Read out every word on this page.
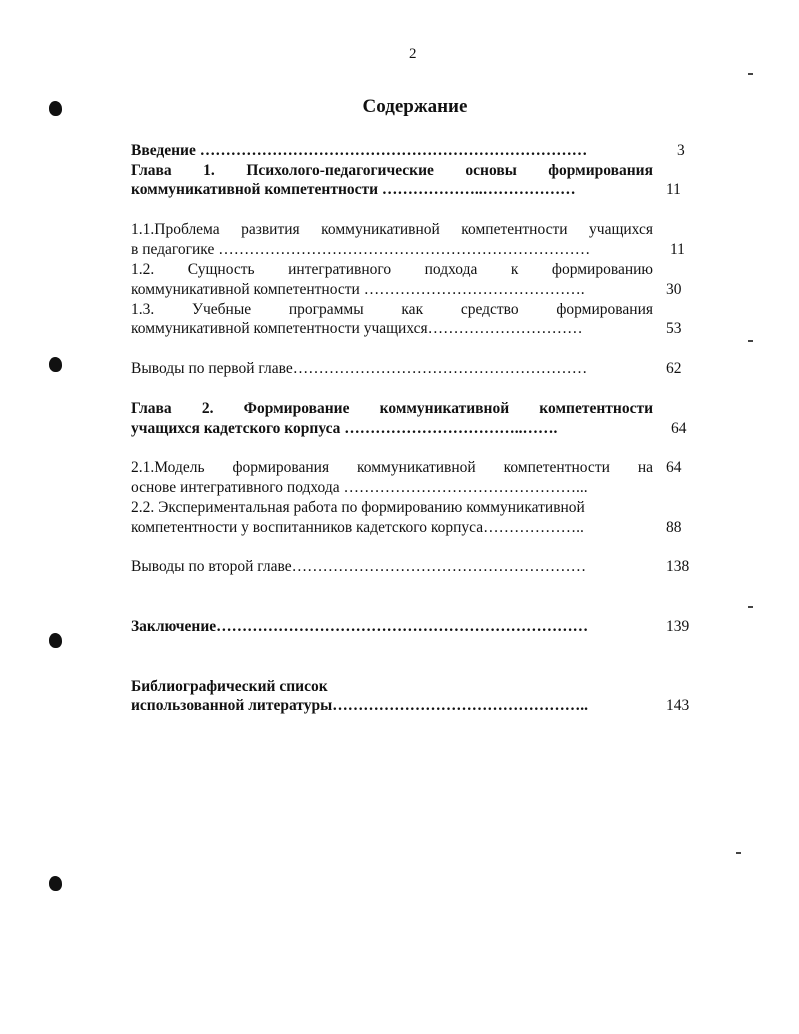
2
Содержание
Введение …………………………………………………………………	3
Глава 1. Психолого-педагогические основы формирования
коммуникативной компетентности ………………..………………	11
1.1.Проблема развития коммуникативной компетентности учащихся
в педагогике ………………………………………………………………	11
1.2. Сущность интегративного подхода к формированию
коммуникативной компетентности …………………………………….	30
1.3. Учебные программы как средство формирования
коммуникативной компетентности учащихся…………………………	53
Выводы по первой главе…………………………………………………	62
Глава 2. Формирование коммуникативной компетентности
учащихся кадетского корпуса ……………………………..…….	64
2.1.Модель формирования коммуникативной компетентности на 64
основе интегративного подхода ………………………………………...
2.2. Экспериментальная работа по формированию коммуникативной
компетентности у воспитанников кадетского корпуса………………..	88
Выводы по второй главе…………………………………………………	138
Заключение………………………………………………………………	139
Библиографический список
использованной литературы…………………………………………..	143
